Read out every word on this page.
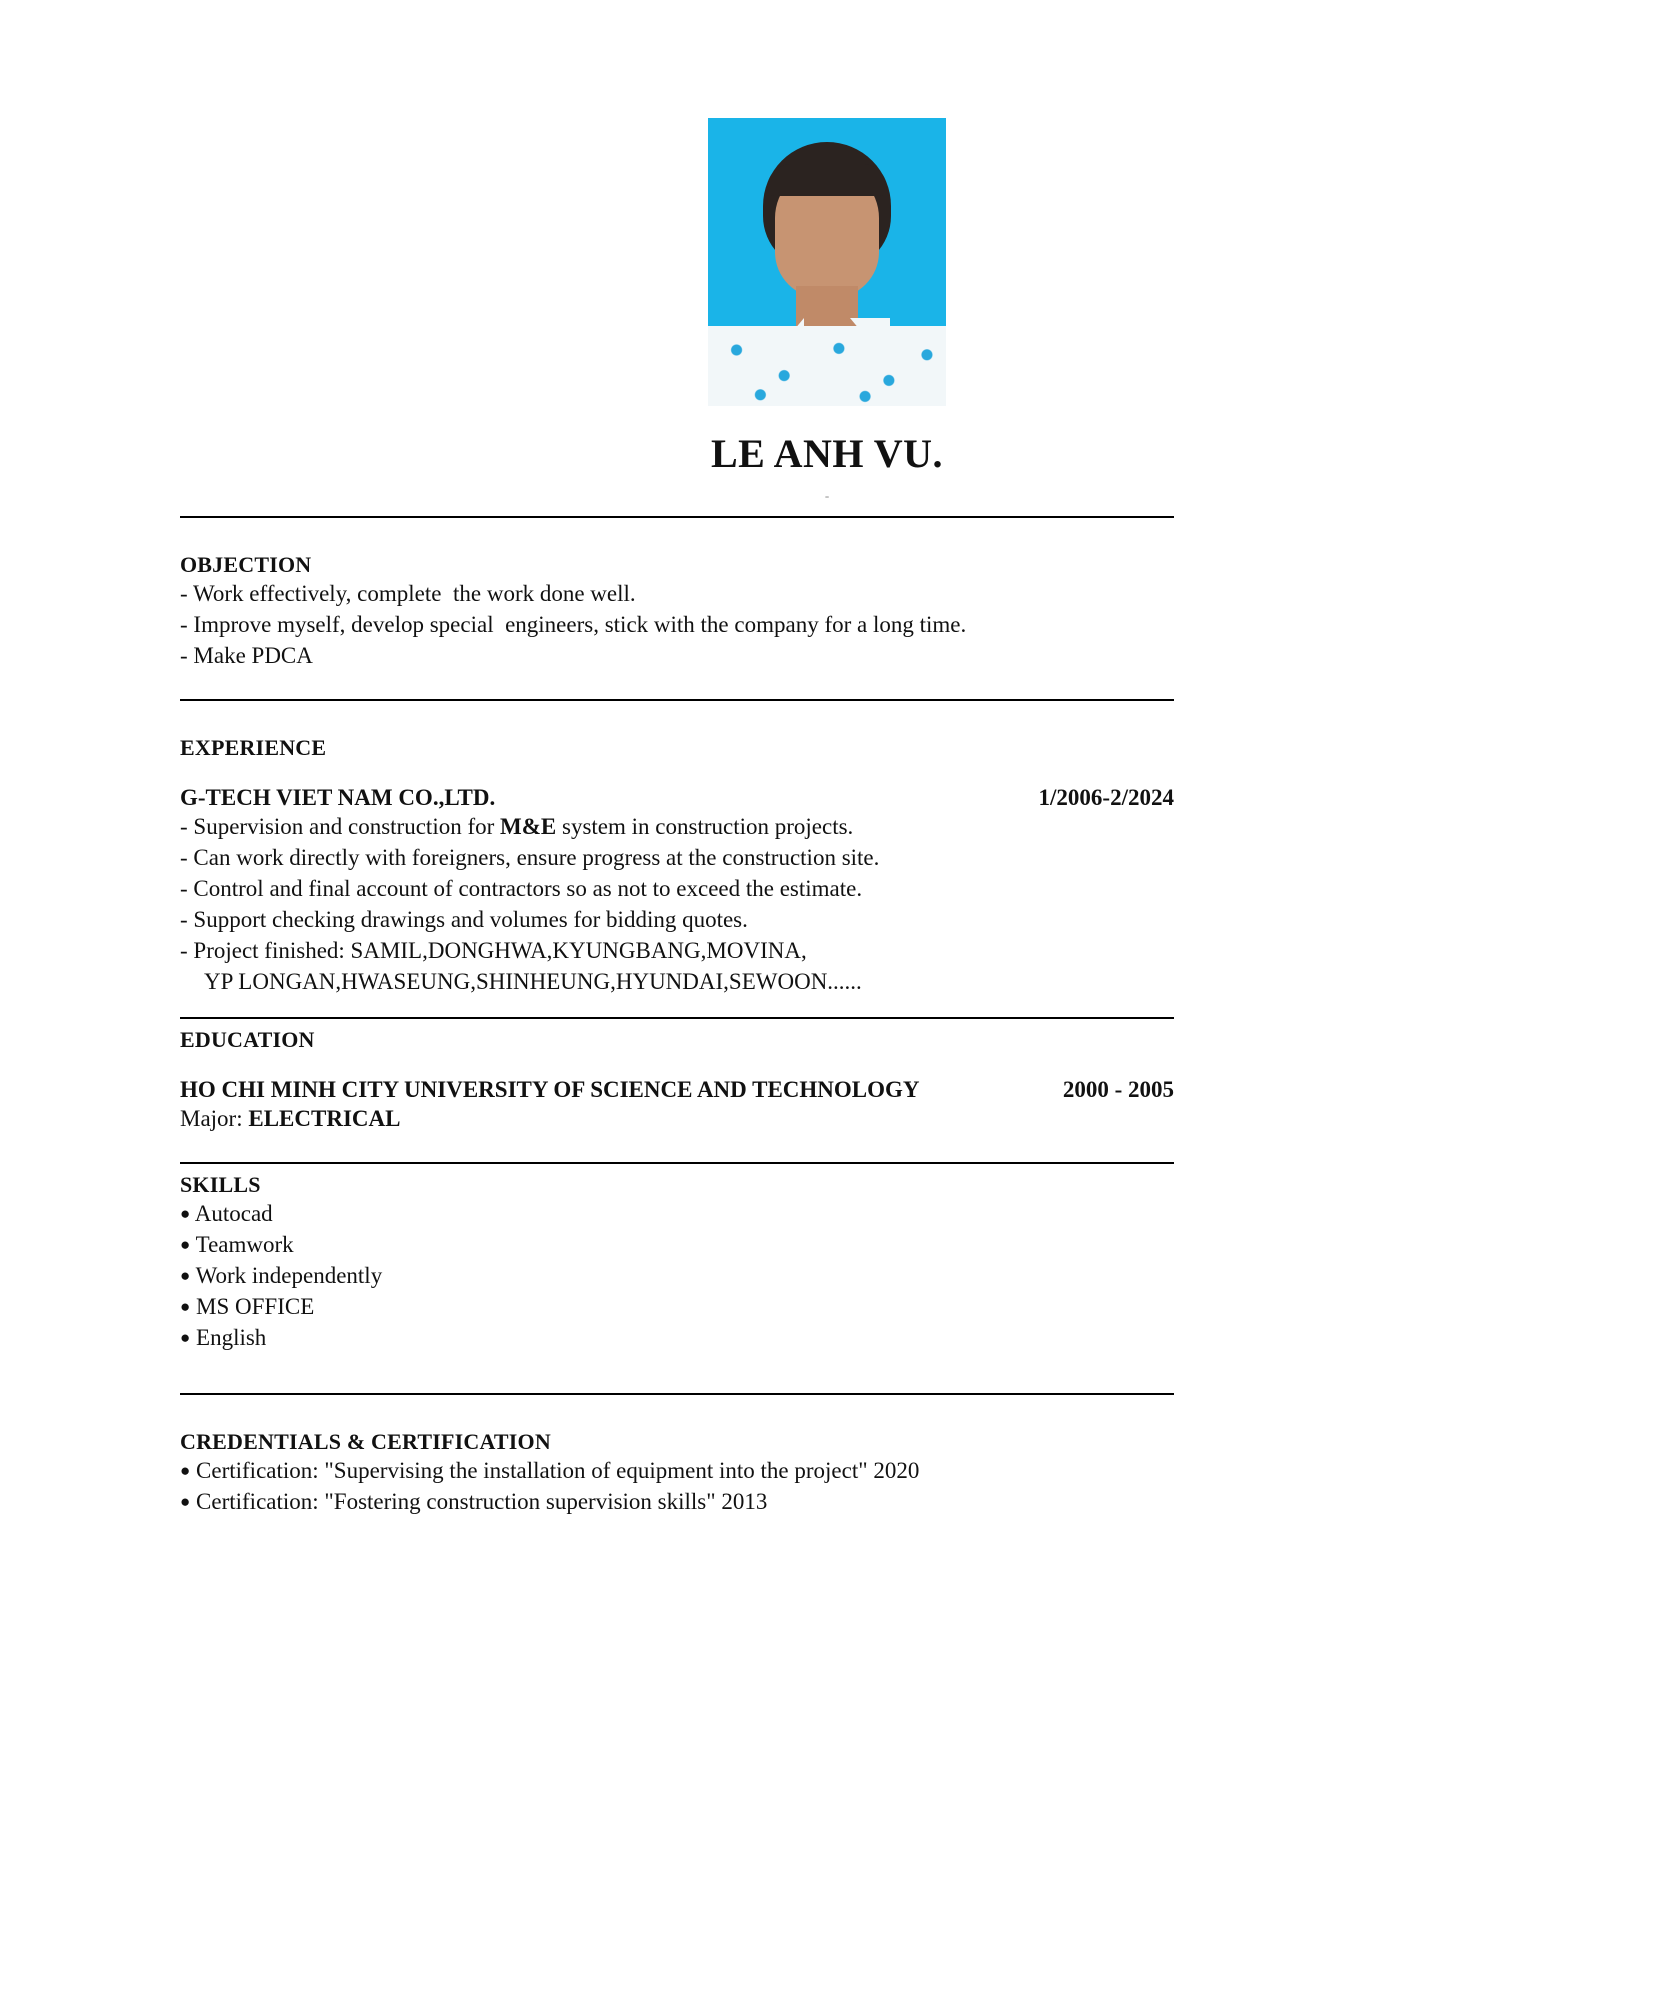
LE ANH VU.
-
OBJECTION
- Work effectively, complete  the work done well.
- Improve myself, develop special  engineers, stick with the company for a long time.
- Make PDCA
EXPERIENCE
G-TECH VIET NAM CO.,LTD.	1/2006-2/2024
- Supervision and construction for M&E system in construction projects.
- Can work directly with foreigners, ensure progress at the construction site.
- Control and final account of contractors so as not to exceed the estimate.
- Support checking drawings and volumes for bidding quotes.
- Project finished: SAMIL,DONGHWA,KYUNGBANG,MOVINA,
YP LONGAN,HWASEUNG,SHINHEUNG,HYUNDAI,SEWOON......
EDUCATION
HO CHI MINH CITY UNIVERSITY OF SCIENCE AND TECHNOLOGY	2000 - 2005
Major: ELECTRICAL
SKILLS
● Autocad
● Teamwork
● Work independently
● MS OFFICE
● English
CREDENTIALS & CERTIFICATION
● Certification: "Supervising the installation of equipment into the project" 2020
● Certification: "Fostering construction supervision skills" 2013
